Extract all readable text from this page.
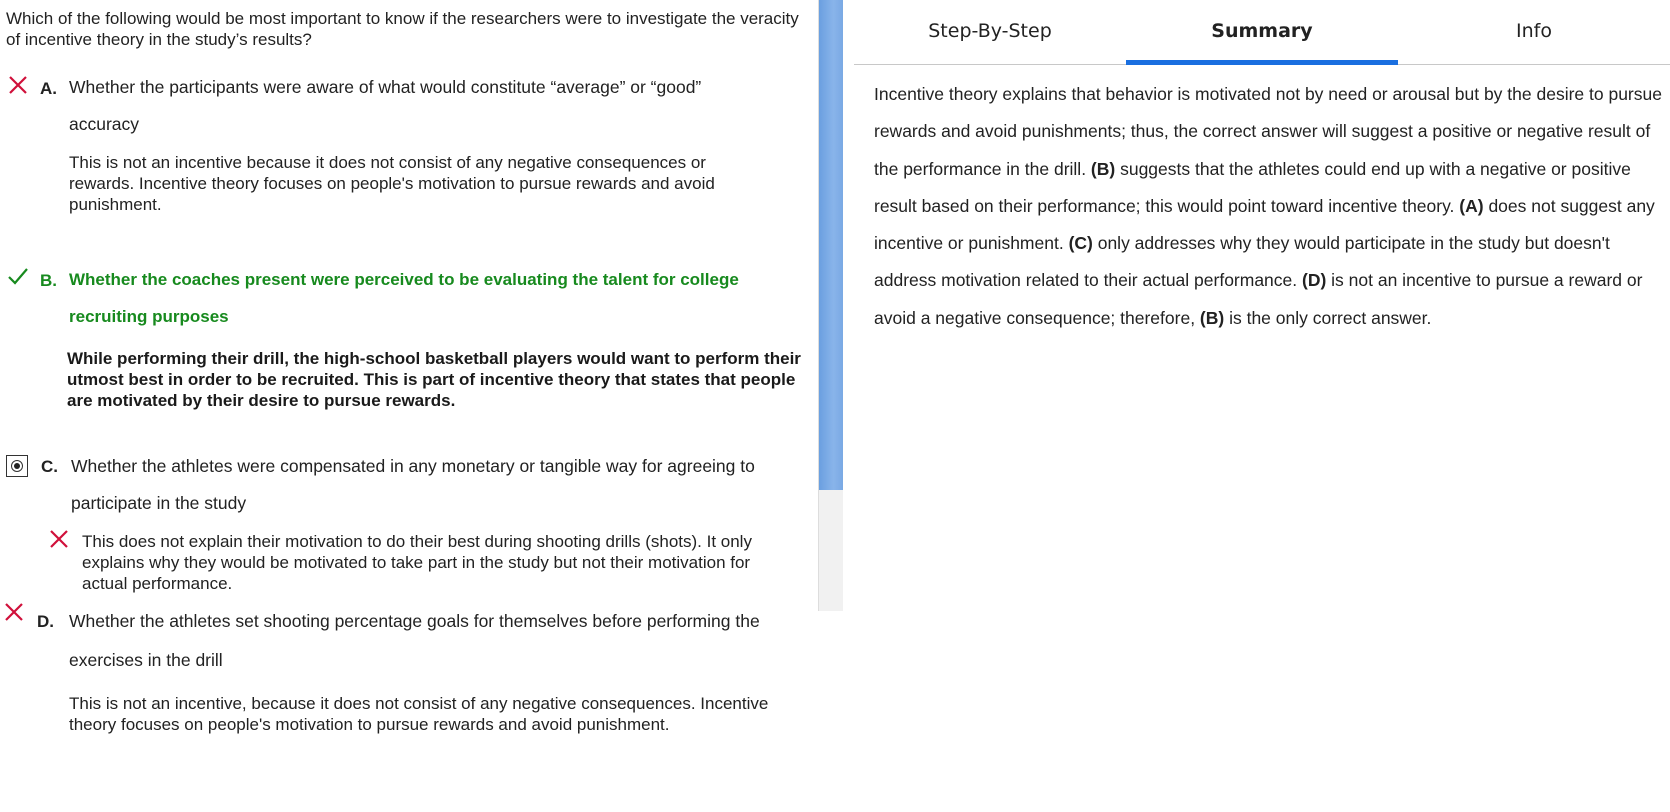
Which of the following would be most important to know if the researchers were to investigate the veracity of incentive theory in the study’s results?
A. Whether the participants were aware of what would constitute “average” or “good” accuracy
This is not an incentive because it does not consist of any negative consequences or rewards. Incentive theory focuses on people's motivation to pursue rewards and avoid punishment.
B. Whether the coaches present were perceived to be evaluating the talent for college recruiting purposes
While performing their drill, the high-school basketball players would want to perform their utmost best in order to be recruited. This is part of incentive theory that states that people are motivated by their desire to pursue rewards.
C. Whether the athletes were compensated in any monetary or tangible way for agreeing to participate in the study
This does not explain their motivation to do their best during shooting drills (shots). It only explains why they would be motivated to take part in the study but not their motivation for actual performance.
D. Whether the athletes set shooting percentage goals for themselves before performing the exercises in the drill
This is not an incentive, because it does not consist of any negative consequences. Incentive theory focuses on people's motivation to pursue rewards and avoid punishment.
Step-By-Step	Summary	Info
Incentive theory explains that behavior is motivated not by need or arousal but by the desire to pursue rewards and avoid punishments; thus, the correct answer will suggest a positive or negative result of the performance in the drill. (B) suggests that the athletes could end up with a negative or positive result based on their performance; this would point toward incentive theory. (A) does not suggest any incentive or punishment. (C) only addresses why they would participate in the study but doesn't address motivation related to their actual performance. (D) is not an incentive to pursue a reward or avoid a negative consequence; therefore, (B) is the only correct answer.
